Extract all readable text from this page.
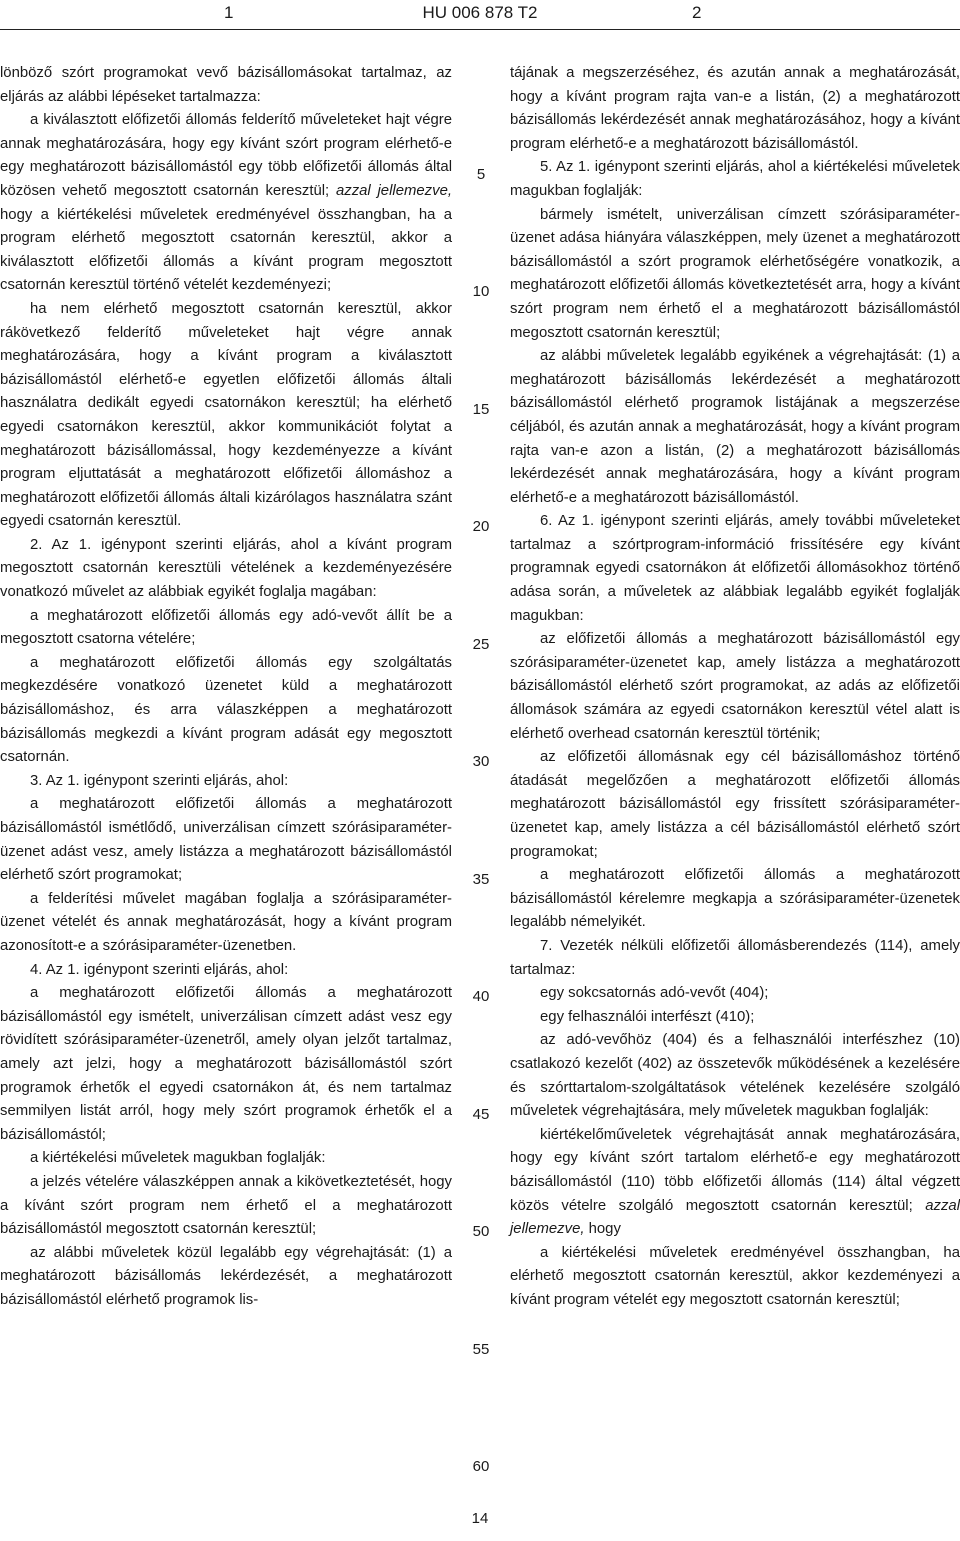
1	HU 006 878 T2	2

lönböző szórt programokat vevő bázisállomásokat tartalmaz, az eljárás az alábbi lépéseket tartalmazza:

a kiválasztott előfizetői állomás felderítő műveleteket hajt végre annak meghatározására, hogy egy kívánt szórt program elérhető-e egy meghatározott bázisállomástól egy több előfizetői állomás által közösen vehető megosztott csatornán keresztül; azzal jellemezve, hogy a kiértékelési műveletek eredményével összhangban, ha a program elérhető megosztott csatornán keresztül, akkor a kiválasztott előfizetői állomás a kívánt program megosztott csatornán keresztül történő vételét kezdeményezi;

ha nem elérhető megosztott csatornán keresztül, akkor rákövetkező felderítő műveleteket hajt végre annak meghatározására, hogy a kívánt program a kiválasztott bázisállomástól elérhető-e egyetlen előfizetői állomás általi használatra dedikált egyedi csatornákon keresztül; ha elérhető egyedi csatornákon keresztül, akkor kommunikációt folytat a meghatározott bázisállomással, hogy kezdeményezze a kívánt program eljuttatását a meghatározott előfizetői állomáshoz a meghatározott előfizetői állomás általi kizárólagos használatra szánt egyedi csatornán keresztül.

2. Az 1. igénypont szerinti eljárás, ahol a kívánt program megosztott csatornán keresztüli vételének a kezdeményezésére vonatkozó művelet az alábbiak egyikét foglalja magában:

a meghatározott előfizetői állomás egy adó-vevőt állít be a megosztott csatorna vételére;

a meghatározott előfizetői állomás egy szolgáltatás megkezdésére vonatkozó üzenetet küld a meghatározott bázisállomáshoz, és arra válaszképpen a meghatározott bázisállomás megkezdi a kívánt program adását egy megosztott csatornán.

3. Az 1. igénypont szerinti eljárás, ahol:

a meghatározott előfizetői állomás a meghatározott bázisállomástól ismétlődő, univerzálisan címzett szórásiparaméter-üzenet adást vesz, amely listázza a meghatározott bázisállomástól elérhető szórt programokat;

a felderítési művelet magában foglalja a szórásiparaméter-üzenet vételét és annak meghatározását, hogy a kívánt program azonosított-e a szórásiparaméter-üzenetben.

4. Az 1. igénypont szerinti eljárás, ahol:

a meghatározott előfizetői állomás a meghatározott bázisállomástól egy ismételt, univerzálisan címzett adást vesz egy rövidített szórásiparaméter-üzenetről, amely olyan jelzőt tartalmaz, amely azt jelzi, hogy a meghatározott bázisállomástól szórt programok érhetők el egyedi csatornákon át, és nem tartalmaz semmilyen listát arról, hogy mely szórt programok érhetők el a bázisállomástól;

a kiértékelési műveletek magukban foglalják:

a jelzés vételére válaszképpen annak a kikövetkeztetését, hogy a kívánt szórt program nem érhető el a meghatározott bázisállomástól megosztott csatornán keresztül;

az alábbi műveletek közül legalább egy végrehajtását: (1) a meghatározott bázisállomás lekérdezését, a meghatározott bázisállomástól elérhető programok lis-

5
10
15
20
25
30
35
40
45
50
55
60

tájának a megszerzéséhez, és azután annak a meghatározását, hogy a kívánt program rajta van-e a listán, (2) a meghatározott bázisállomás lekérdezését annak meghatározásához, hogy a kívánt program elérhető-e a meghatározott bázisállomástól.

5. Az 1. igénypont szerinti eljárás, ahol a kiértékelési műveletek magukban foglalják:

bármely ismételt, univerzálisan címzett szórásiparaméter-üzenet adása hiányára válaszképpen, mely üzenet a meghatározott bázisállomástól a szórt programok elérhetőségére vonatkozik, a meghatározott előfizetői állomás következtetését arra, hogy a kívánt szórt program nem érhető el a meghatározott bázisállomástól megosztott csatornán keresztül;

az alábbi műveletek legalább egyikének a végrehajtását: (1) a meghatározott bázisállomás lekérdezését a meghatározott bázisállomástól elérhető programok listájának a megszerzése céljából, és azután annak a meghatározását, hogy a kívánt program rajta van-e azon a listán, (2) a meghatározott bázisállomás lekérdezését annak meghatározására, hogy a kívánt program elérhető-e a meghatározott bázisállomástól.

6. Az 1. igénypont szerinti eljárás, amely további műveleteket tartalmaz a szórtprogram-információ frissítésére egy kívánt programnak egyedi csatornákon át előfizetői állomásokhoz történő adása során, a műveletek az alábbiak legalább egyikét foglalják magukban:

az előfizetői állomás a meghatározott bázisállomástól egy szórásiparaméter-üzenetet kap, amely listázza a meghatározott bázisállomástól elérhető szórt programokat, az adás az előfizetői állomások számára az egyedi csatornákon keresztül vétel alatt is elérhető overhead csatornán keresztül történik;

az előfizetői állomásnak egy cél bázisállomáshoz történő átadását megelőzően a meghatározott előfizetői állomás meghatározott bázisállomástól egy frissített szórásiparaméter-üzenetet kap, amely listázza a cél bázisállomástól elérhető szórt programokat;

a meghatározott előfizetői állomás a meghatározott bázisállomástól kérelemre megkapja a szórásiparaméter-üzenetek legalább némelyikét.

7. Vezeték nélküli előfizetői állomásberendezés (114), amely tartalmaz:

egy sokcsatornás adó-vevőt (404);

egy felhasználói interfészt (410);

az adó-vevőhöz (404) és a felhasználói interfészhez (10) csatlakozó kezelőt (402) az összetevők működésének a kezelésére és szórttartalom-szolgáltatások vételének kezelésére szolgáló műveletek végrehajtására, mely műveletek magukban foglalják:

kiértékelőműveletek végrehajtását annak meghatározására, hogy egy kívánt szórt tartalom elérhető-e egy meghatározott bázisállomástól (110) több előfizetői állomás (114) által végzett közös vételre szolgáló megosztott csatornán keresztül; azzal jellemezve, hogy

a kiértékelési műveletek eredményével összhangban, ha elérhető megosztott csatornán keresztül, akkor kezdeményezi a kívánt program vételét egy megosztott csatornán keresztül;

14
